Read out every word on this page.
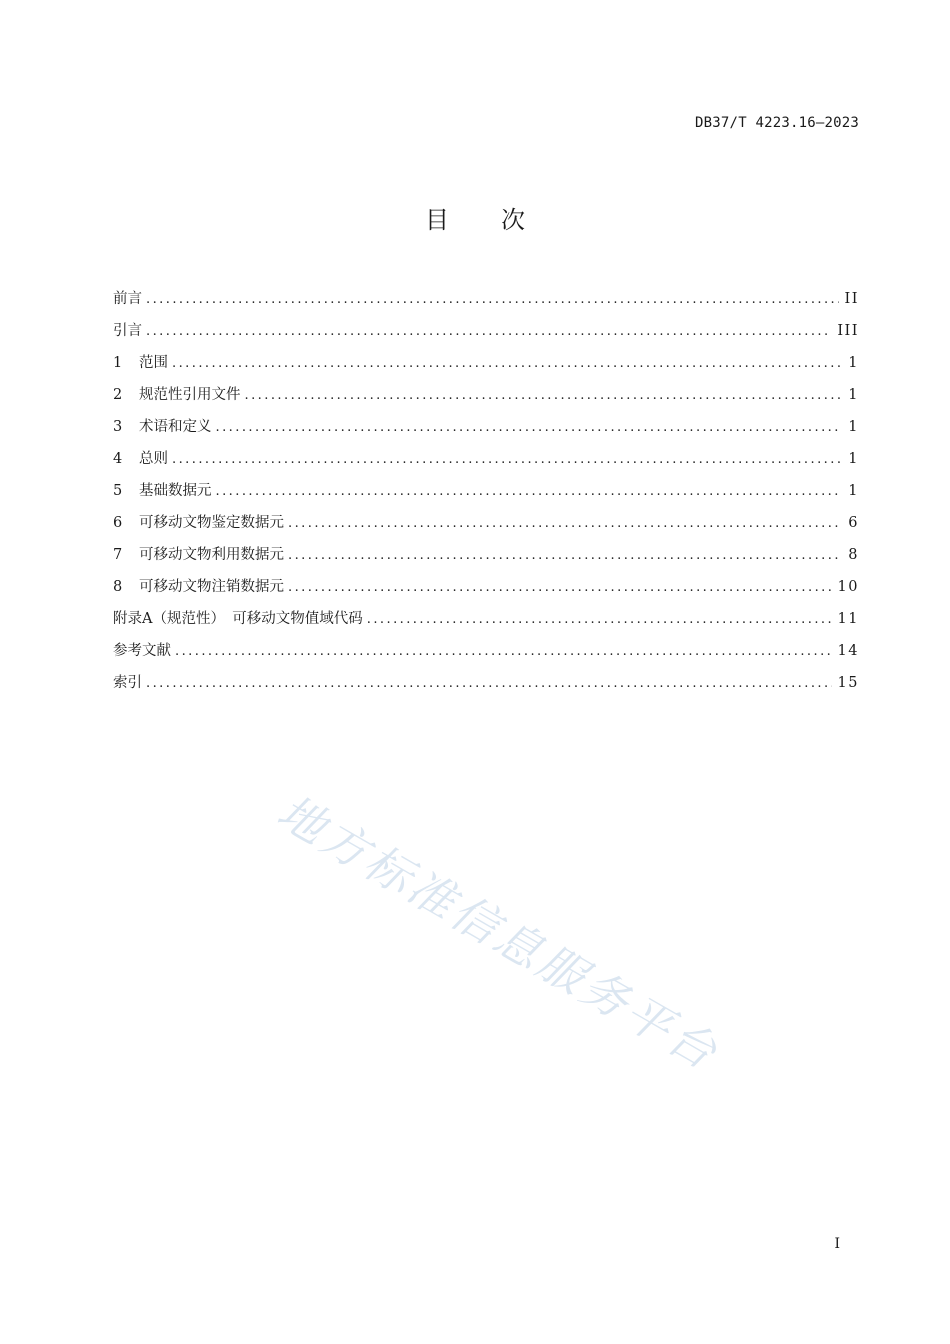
DB37/T 4223.16—2023
目 次
前言 .....	II
引言 .....	III
1	范围 .....	1
2	规范性引用文件 .....	1
3	术语和定义 .....	1
4	总则 .....	1
5	基础数据元 .....	1
6	可移动文物鉴定数据元 .....	6
7	可移动文物利用数据元 .....	8
8	可移动文物注销数据元 .....	10
附录A（规范性）　可移动文物值域代码 .....	11
参考文献 .....	14
索引 .....	15
地方标准信息服务平台
I
